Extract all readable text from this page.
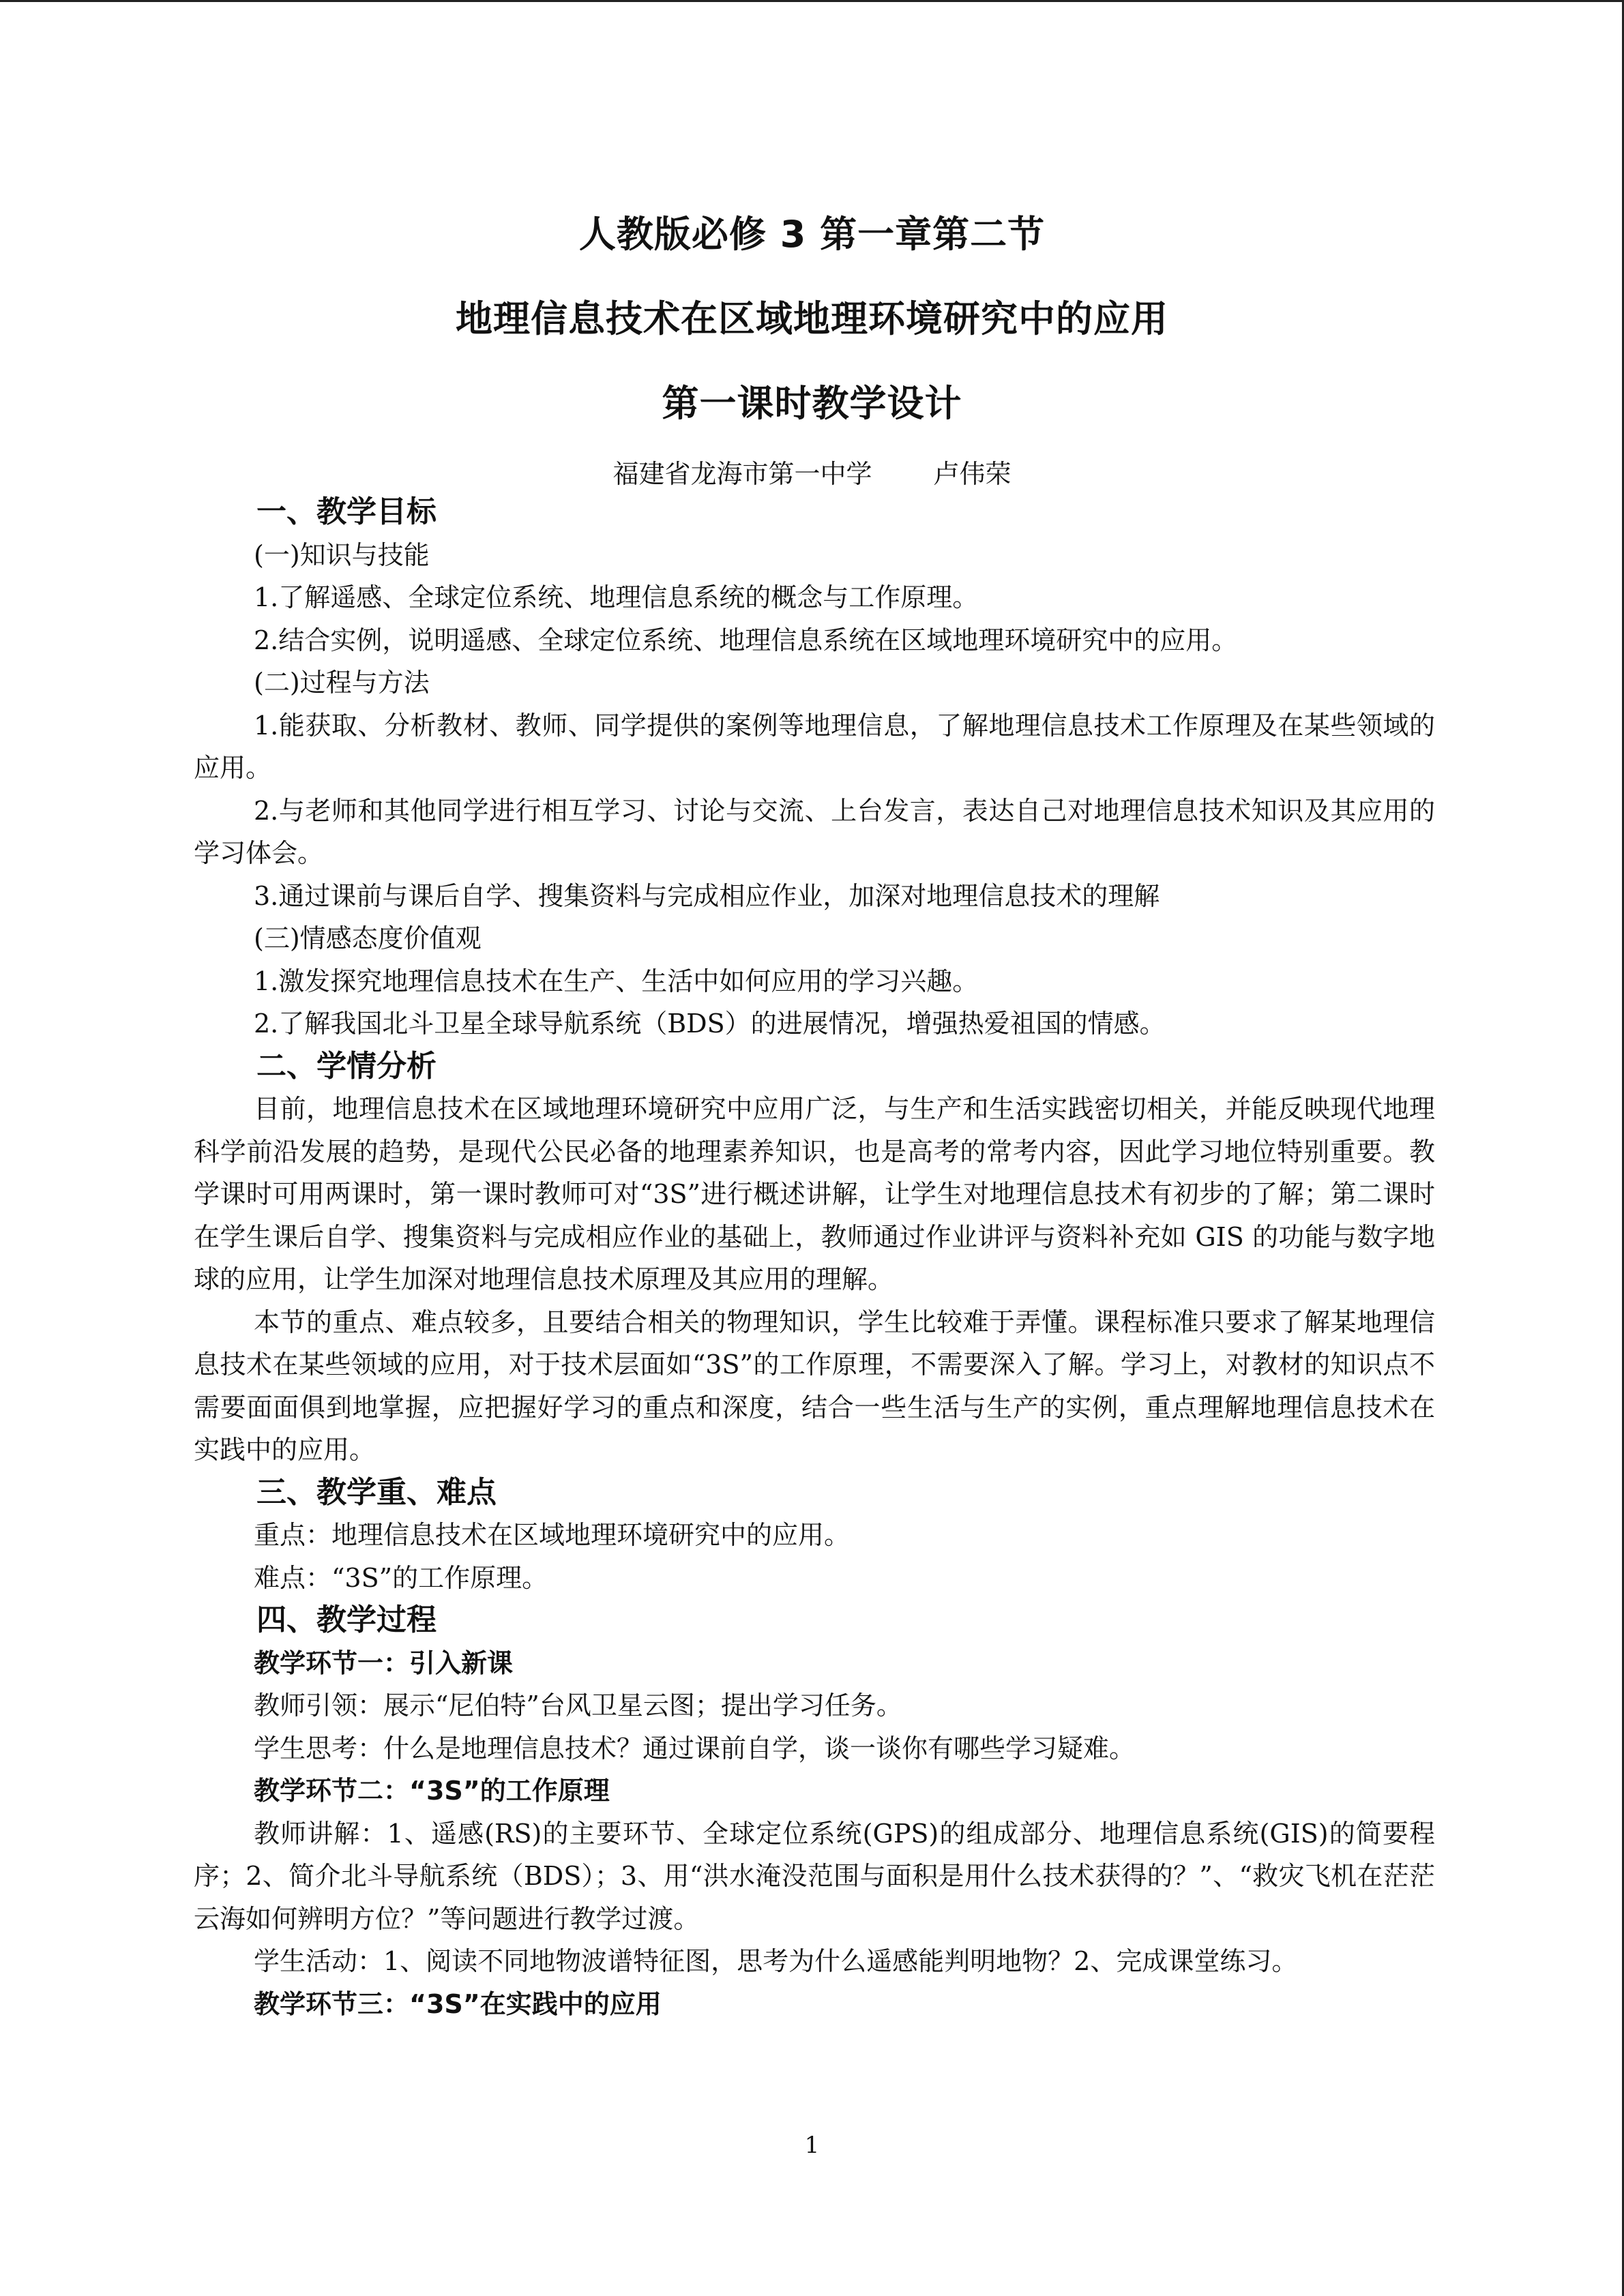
人教版必修 3 第一章第二节
地理信息技术在区域地理环境研究中的应用
第一课时教学设计
福建省龙海市第一中学 卢伟荣

一、教学目标

(一)知识与技能

1.了解遥感、全球定位系统、地理信息系统的概念与工作原理。

2.结合实例，说明遥感、全球定位系统、地理信息系统在区域地理环境研究中的应用。

(二)过程与方法

1.能获取、分析教材、教师、同学提供的案例等地理信息，了解地理信息技术工作原理及在某些领域的应用。

2.与老师和其他同学进行相互学习、讨论与交流、上台发言，表达自己对地理信息技术知识及其应用的学习体会。

3.通过课前与课后自学、搜集资料与完成相应作业，加深对地理信息技术的理解

(三)情感态度价值观

1.激发探究地理信息技术在生产、生活中如何应用的学习兴趣。

2.了解我国北斗卫星全球导航系统（BDS）的进展情况，增强热爱祖国的情感。

二、学情分析

目前，地理信息技术在区域地理环境研究中应用广泛，与生产和生活实践密切相关，并能反映现代地理科学前沿发展的趋势，是现代公民必备的地理素养知识，也是高考的常考内容，因此学习地位特别重要。教学课时可用两课时，第一课时教师可对“3S”进行概述讲解，让学生对地理信息技术有初步的了解；第二课时在学生课后自学、搜集资料与完成相应作业的基础上，教师通过作业讲评与资料补充如 GIS 的功能与数字地球的应用，让学生加深对地理信息技术原理及其应用的理解。

本节的重点、难点较多，且要结合相关的物理知识，学生比较难于弄懂。课程标准只要求了解某地理信息技术在某些领域的应用，对于技术层面如“3S”的工作原理，不需要深入了解。学习上，对教材的知识点不需要面面俱到地掌握，应把握好学习的重点和深度，结合一些生活与生产的实例，重点理解地理信息技术在实践中的应用。

三、教学重、难点

重点：地理信息技术在区域地理环境研究中的应用。

难点：“3S”的工作原理。

四、教学过程

教学环节一：引入新课

教师引领：展示“尼伯特”台风卫星云图；提出学习任务。

学生思考：什么是地理信息技术？通过课前自学，谈一谈你有哪些学习疑难。

教学环节二：“3S”的工作原理

教师讲解：1、遥感(RS)的主要环节、全球定位系统(GPS)的组成部分、地理信息系统(GIS)的简要程序；2、简介北斗导航系统（BDS）；3、用“洪水淹没范围与面积是用什么技术获得的？”、“救灾飞机在茫茫云海如何辨明方位？”等问题进行教学过渡。

学生活动：1、阅读不同地物波谱特征图，思考为什么遥感能判明地物？2、完成课堂练习。

教学环节三：“3S”在实践中的应用

1
